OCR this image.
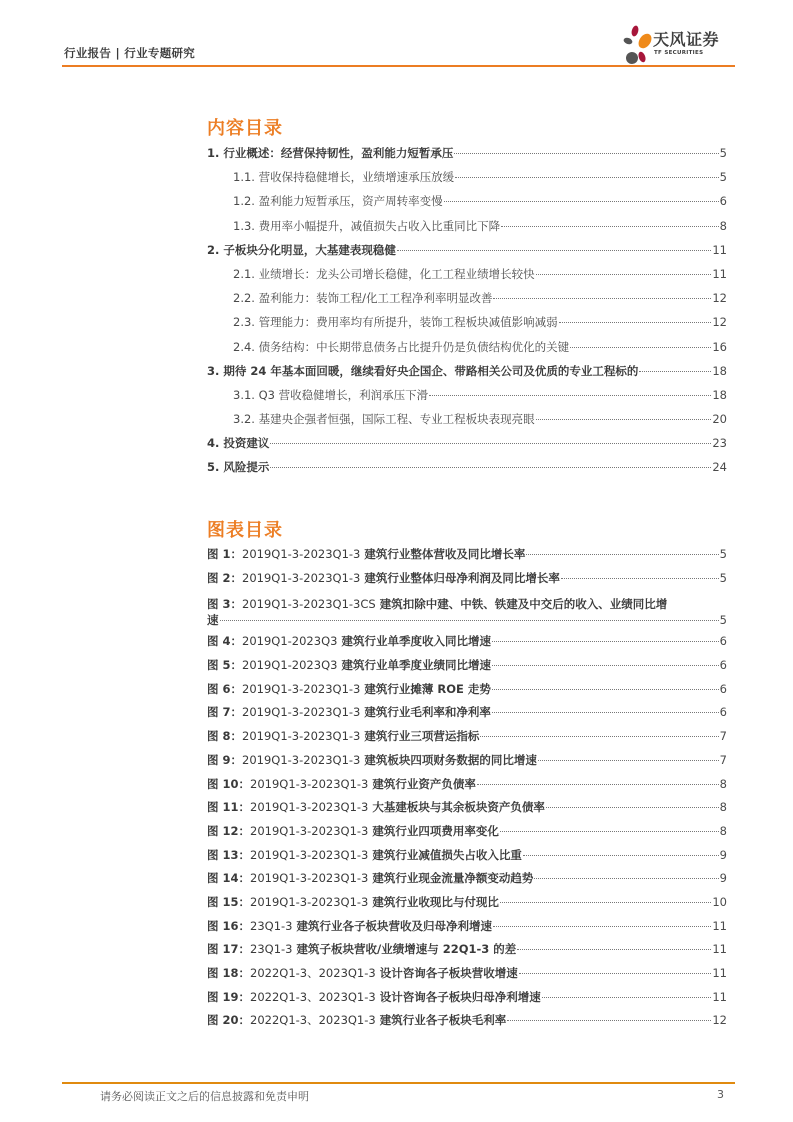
行业报告 | 行业专题研究
天风证券
TF SECURITIES
内容目录
1. 行业概述：经营保持韧性，盈利能力短暂承压	5
1.1. 营收保持稳健增长，业绩增速承压放缓	5
1.2. 盈利能力短暂承压，资产周转率变慢	6
1.3. 费用率小幅提升，减值损失占收入比重同比下降	8
2. 子板块分化明显，大基建表现稳健	11
2.1. 业绩增长：龙头公司增长稳健，化工工程业绩增长较快	11
2.2. 盈利能力：装饰工程/化工工程净利率明显改善	12
2.3. 管理能力：费用率均有所提升，装饰工程板块减值影响减弱	12
2.4. 债务结构：中长期带息债务占比提升仍是负债结构优化的关键	16
3. 期待 24 年基本面回暖，继续看好央企国企、带路相关公司及优质的专业工程标的	18
3.1. Q3 营收稳健增长，利润承压下滑	18
3.2. 基建央企强者恒强，国际工程、专业工程板块表现亮眼	20
4. 投资建议	23
5. 风险提示	24
图表目录
图 1：2019Q1-3-2023Q1-3 建筑行业整体营收及同比增长率	5
图 2：2019Q1-3-2023Q1-3 建筑行业整体归母净利润及同比增长率	5
图 3：2019Q1-3-2023Q1-3CS 建筑扣除中建、中铁、铁建及中交后的收入、业绩同比增
速	5
图 4：2019Q1-2023Q3 建筑行业单季度收入同比增速	6
图 5：2019Q1-2023Q3 建筑行业单季度业绩同比增速	6
图 6：2019Q1-3-2023Q1-3 建筑行业摊薄 ROE 走势	6
图 7：2019Q1-3-2023Q1-3 建筑行业毛利率和净利率	6
图 8：2019Q1-3-2023Q1-3 建筑行业三项营运指标	7
图 9：2019Q1-3-2023Q1-3 建筑板块四项财务数据的同比增速	7
图 10：2019Q1-3-2023Q1-3 建筑行业资产负债率	8
图 11：2019Q1-3-2023Q1-3 大基建板块与其余板块资产负债率	8
图 12：2019Q1-3-2023Q1-3 建筑行业四项费用率变化	8
图 13：2019Q1-3-2023Q1-3 建筑行业减值损失占收入比重	9
图 14：2019Q1-3-2023Q1-3 建筑行业现金流量净额变动趋势	9
图 15：2019Q1-3-2023Q1-3 建筑行业收现比与付现比	10
图 16：23Q1-3 建筑行业各子板块营收及归母净利增速	11
图 17：23Q1-3 建筑子板块营收/业绩增速与 22Q1-3 的差	11
图 18：2022Q1-3、2023Q1-3 设计咨询各子板块营收增速	11
图 19：2022Q1-3、2023Q1-3 设计咨询各子板块归母净利增速	11
图 20：2022Q1-3、2023Q1-3 建筑行业各子板块毛利率	12
请务必阅读正文之后的信息披露和免责申明	3
